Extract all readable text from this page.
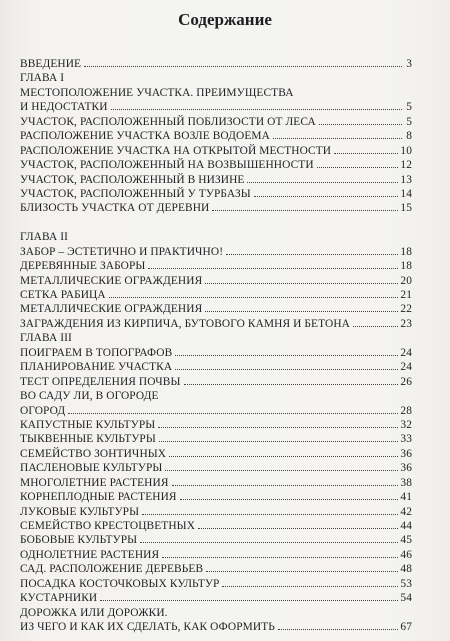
Содержание
ВВЕДЕНИЕ	3
ГЛАВА I
МЕСТОПОЛОЖЕНИЕ УЧАСТКА. ПРЕИМУЩЕСТВА
И НЕДОСТАТКИ	5
УЧАСТОК, РАСПОЛОЖЕННЫЙ ПОБЛИЗОСТИ ОТ ЛЕСА	5
РАСПОЛОЖЕНИЕ УЧАСТКА ВОЗЛЕ ВОДОЕМА	8
РАСПОЛОЖЕНИЕ УЧАСТКА НА ОТКРЫТОЙ МЕСТНОСТИ	10
УЧАСТОК, РАСПОЛОЖЕННЫЙ НА ВОЗВЫШЕННОСТИ	12
УЧАСТОК, РАСПОЛОЖЕННЫЙ В НИЗИНЕ	13
УЧАСТОК, РАСПОЛОЖЕННЫЙ У ТУРБАЗЫ	14
БЛИЗОСТЬ УЧАСТКА ОТ ДЕРЕВНИ	15
ГЛАВА II
ЗАБОР – ЭСТЕТИЧНО И ПРАКТИЧНО!	18
ДЕРЕВЯННЫЕ ЗАБОРЫ	18
МЕТАЛЛИЧЕСКИЕ ОГРАЖДЕНИЯ	20
СЕТКА РАБИЦА	21
МЕТАЛЛИЧЕСКИЕ ОГРАЖДЕНИЯ	22
ЗАГРАЖДЕНИЯ ИЗ КИРПИЧА, БУТОВОГО КАМНЯ И БЕТОНА	23
ГЛАВА III
ПОИГРАЕМ В ТОПОГРАФОВ	24
ПЛАНИРОВАНИЕ УЧАСТКА	24
ТЕСТ ОПРЕДЕЛЕНИЯ ПОЧВЫ	26
ВО САДУ ЛИ, В ОГОРОДЕ
ОГОРОД	28
КАПУСТНЫЕ КУЛЬТУРЫ	32
ТЫКВЕННЫЕ КУЛЬТУРЫ	33
СЕМЕЙСТВО ЗОНТИЧНЫХ	36
ПАСЛЕНОВЫЕ КУЛЬТУРЫ	36
МНОГОЛЕТНИЕ РАСТЕНИЯ	38
КОРНЕПЛОДНЫЕ РАСТЕНИЯ	41
ЛУКОВЫЕ КУЛЬТУРЫ	42
СЕМЕЙСТВО КРЕСТОЦВЕТНЫХ	44
БОБОВЫЕ КУЛЬТУРЫ	45
ОДНОЛЕТНИЕ РАСТЕНИЯ	46
САД. РАСПОЛОЖЕНИЕ ДЕРЕВЬЕВ	48
ПОСАДКА КОСТОЧКОВЫХ КУЛЬТУР	53
КУСТАРНИКИ	54
ДОРОЖКА ИЛИ ДОРОЖКИ.
ИЗ ЧЕГО И КАК ИХ СДЕЛАТЬ, КАК ОФОРМИТЬ	67
